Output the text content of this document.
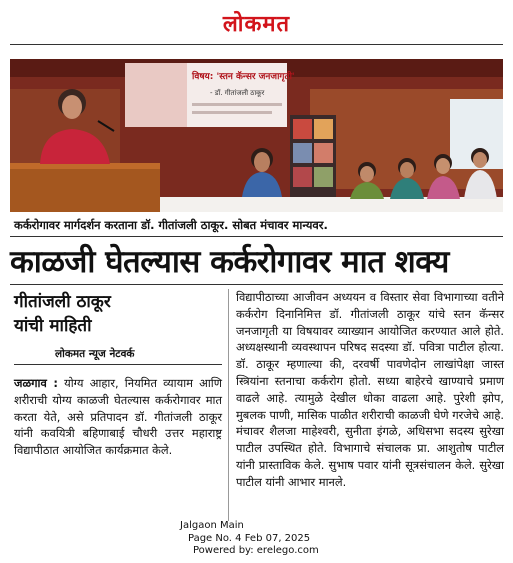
लोकमत
विषय: 'स्तन कॅन्सर जनजागृती'
- डॉ. गीतांजली ठाकूर
कर्करोगावर मार्गदर्शन करताना डॉ. गीतांजली ठाकूर. सोबत मंचावर मान्यवर.
काळजी घेतल्यास कर्करोगावर मात शक्य
गीतांजली ठाकूर
यांची माहिती
लोकमत न्यूज नेटवर्क
जळगाव : योग्य आहार, नियमित व्यायाम आणि शरीराची योग्य काळजी घेतल्यास कर्करोगावर मात करता येते, असे प्रतिपादन डॉ. गीतांजली ठाकूर यांनी कवयित्री बहिणाबाई चौधरी उत्तर महाराष्ट्र विद्यापीठात आयोजित कार्यक्रमात केले.
विद्यापीठाच्या आजीवन अध्ययन व विस्तार सेवा विभागाच्या वतीने कर्करोग दिनानिमित्त डॉ. गीतांजली ठाकूर यांचे स्तन कॅन्सर जनजागृती या विषयावर व्याख्यान आयोजित करण्यात आले होते. अध्यक्षस्थानी व्यवस्थापन परिषद सदस्या डॉ. पवित्रा पाटील होत्या. डॉ. ठाकूर म्हणाल्या की, दरवर्षी पावणेदोन लाखांपेक्षा जास्त स्त्रियांना स्तनाचा कर्करोग होतो. सध्या बाहेरचे खाण्याचे प्रमाण वाढले आहे. त्यामुळे देखील धोका वाढला आहे. पुरेशी झोप, मुबलक पाणी, मासिक पाळीत शरीराची काळजी घेणे गरजेचे आहे. मंचावर शैलजा माहेश्वरी, सुनीता इंगळे, अधिसभा सदस्य सुरेखा पाटील उपस्थित होते. विभागाचे संचालक प्रा. आशुतोष पाटील यांनी प्रास्ताविक केले. सुभाष पवार यांनी सूत्रसंचालन केले. सुरेखा पाटील यांनी आभार मानले.
Jalgaon Main
Page No. 4 Feb 07, 2025
Powered by: erelego.com
